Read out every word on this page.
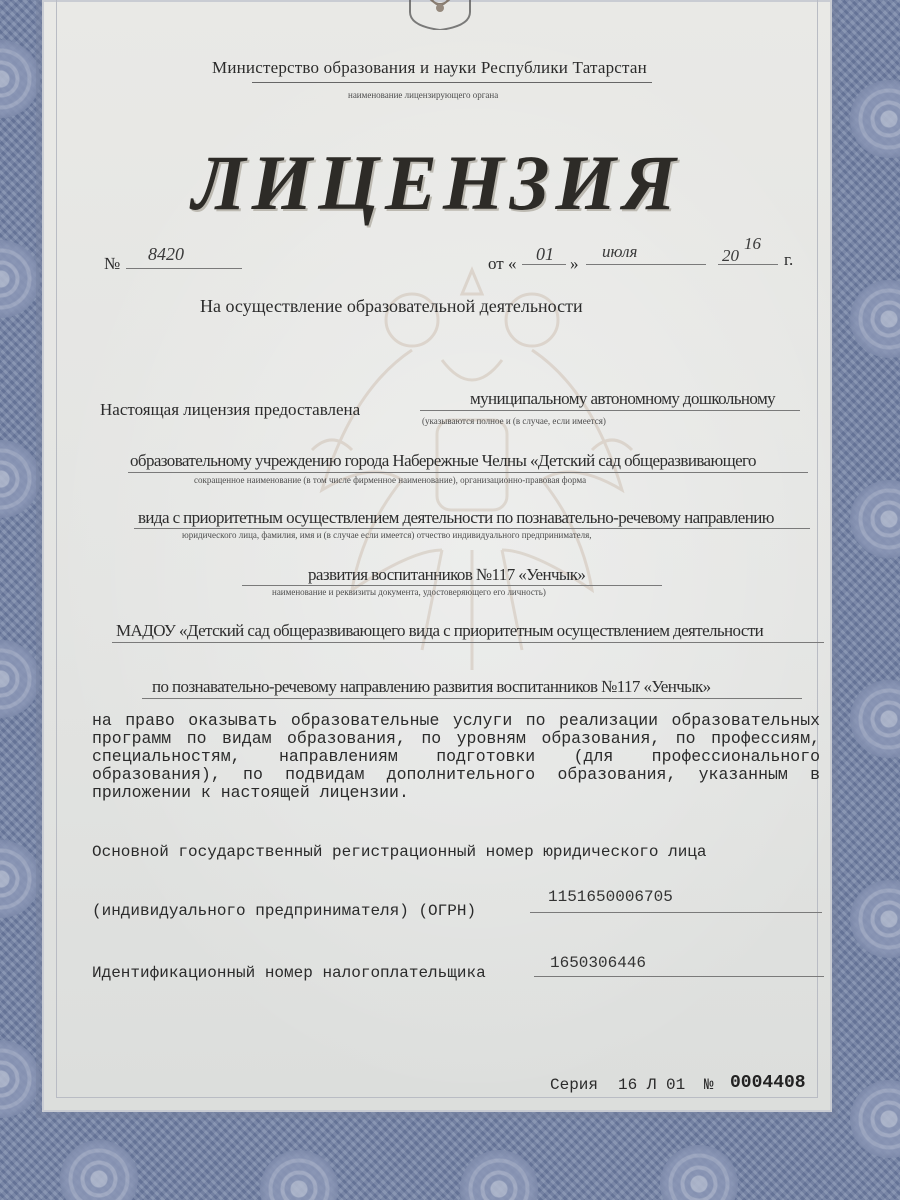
Министерство образования и науки Республики Татарстан
наименование лицензирующего органа
ЛИЦЕНЗИЯ
№ 8420	от « 01 »
июля	20
16
г.
На осуществление образовательной деятельности
Настоящая лицензия предоставлена
муниципальному автономному дошкольному
(указываются полное и (в случае, если имеется)
образовательному учреждению города Набережные Челны «Детский сад общеразвивающего
сокращенное наименование (в том числе фирменное наименование), организационно-правовая форма
вида с приоритетным осуществлением деятельности по познавательно-речевому направлению
юридического лица, фамилия, имя и (в случае если имеется) отчество индивидуального предпринимателя,
развития воспитанников №117 «Уенчык»
наименование и реквизиты документа, удостоверяющего его личность)
МАДОУ «Детский сад общеразвивающего вида с приоритетным осуществлением деятельности
по познавательно-речевому направлению развития воспитанников №117 «Уенчык»
на право оказывать образовательные услуги по реализации образовательных программ по видам образования, по уровням образования, по профессиям, специальностям, направлениям подготовки (для профессионального образования), по подвидам дополнительного образования, указанным в приложении к настоящей лицензии.
Основной государственный регистрационный номер юридического лица
(индивидуального предпринимателя) (ОГРН)
1151650006705
Идентификационный номер налогоплательщика
1650306446
Серия 16 Л 01 № 0004408
